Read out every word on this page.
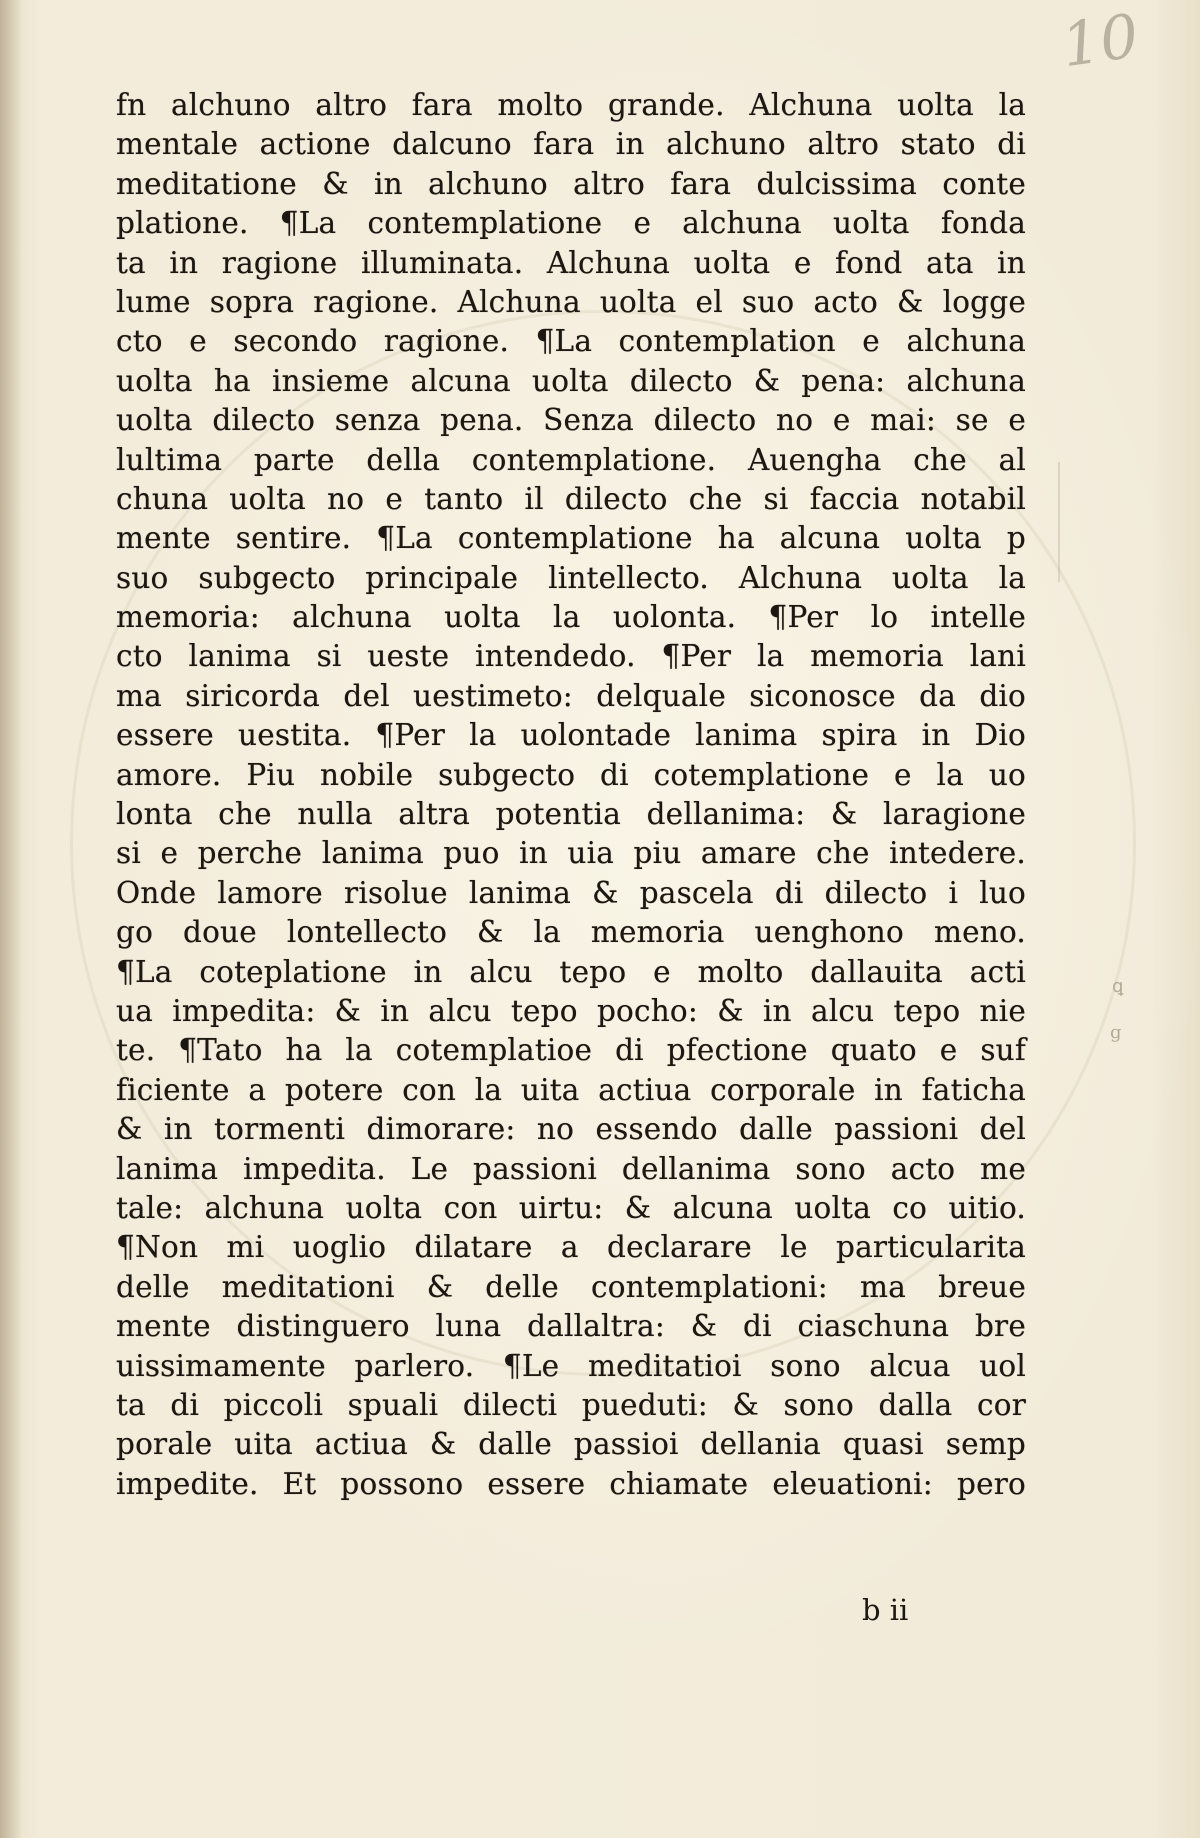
10
fn alchuno altro fara molto grande. Alchuna uolta la
mentale actione dalcuno fara in alchuno altro stato di
meditatione & in alchuno altro fara dulcissima conte
platione. ¶La contemplatione e alchuna uolta fonda
ta in ragione illuminata. Alchuna uolta e fond ata in
lume sopra ragione. Alchuna uolta el suo acto & logge
cto e secondo ragione. ¶La contemplation e alchuna
uolta ha insieme alcuna uolta dilecto & pena: alchuna
uolta dilecto senza pena. Senza dilecto no e mai: se e
lultima parte della contemplatione. Auengha che al
chuna uolta no e tanto il dilecto che si faccia notabil
mente sentire. ¶La contemplatione ha alcuna uolta p
suo subgecto principale lintellecto. Alchuna uolta la
memoria: alchuna uolta la uolonta. ¶Per lo intelle
cto lanima si ueste intendedo. ¶Per la memoria lani
ma siricorda del uestimeto: delquale siconosce da dio
essere uestita. ¶Per la uolontade lanima spira in Dio
amore. Piu nobile subgecto di cotemplatione e la uo
lonta che nulla altra potentia dellanima: & laragione
si e perche lanima puo in uia piu amare che intedere.
Onde lamore risolue lanima & pascela di dilecto i luo
go doue lontellecto & la memoria uenghono meno.
¶La coteplatione in alcu tepo e molto dallauita acti
ua impedita: & in alcu tepo pocho: & in alcu tepo nie
te. ¶Tato ha la cotemplatioe di pfectione quato e suf
ficiente a potere con la uita actiua corporale in faticha
& in tormenti dimorare: no essendo dalle passioni del
lanima impedita. Le passioni dellanima sono acto me
tale: alchuna uolta con uirtu: & alcuna uolta co uitio.
¶Non mi uoglio dilatare a declarare le particularita
delle meditationi & delle contemplationi: ma breue
mente distinguero luna dallaltra: & di ciaschuna bre
uissimamente parlero. ¶Le meditatioi sono alcua uol
ta di piccoli spuali dilecti pueduti: & sono dalla cor
porale uita actiua & dalle passioi dellania quasi semp
impedite. Et possono essere chiamate eleuationi: pero
b ii
ꝗ
g
